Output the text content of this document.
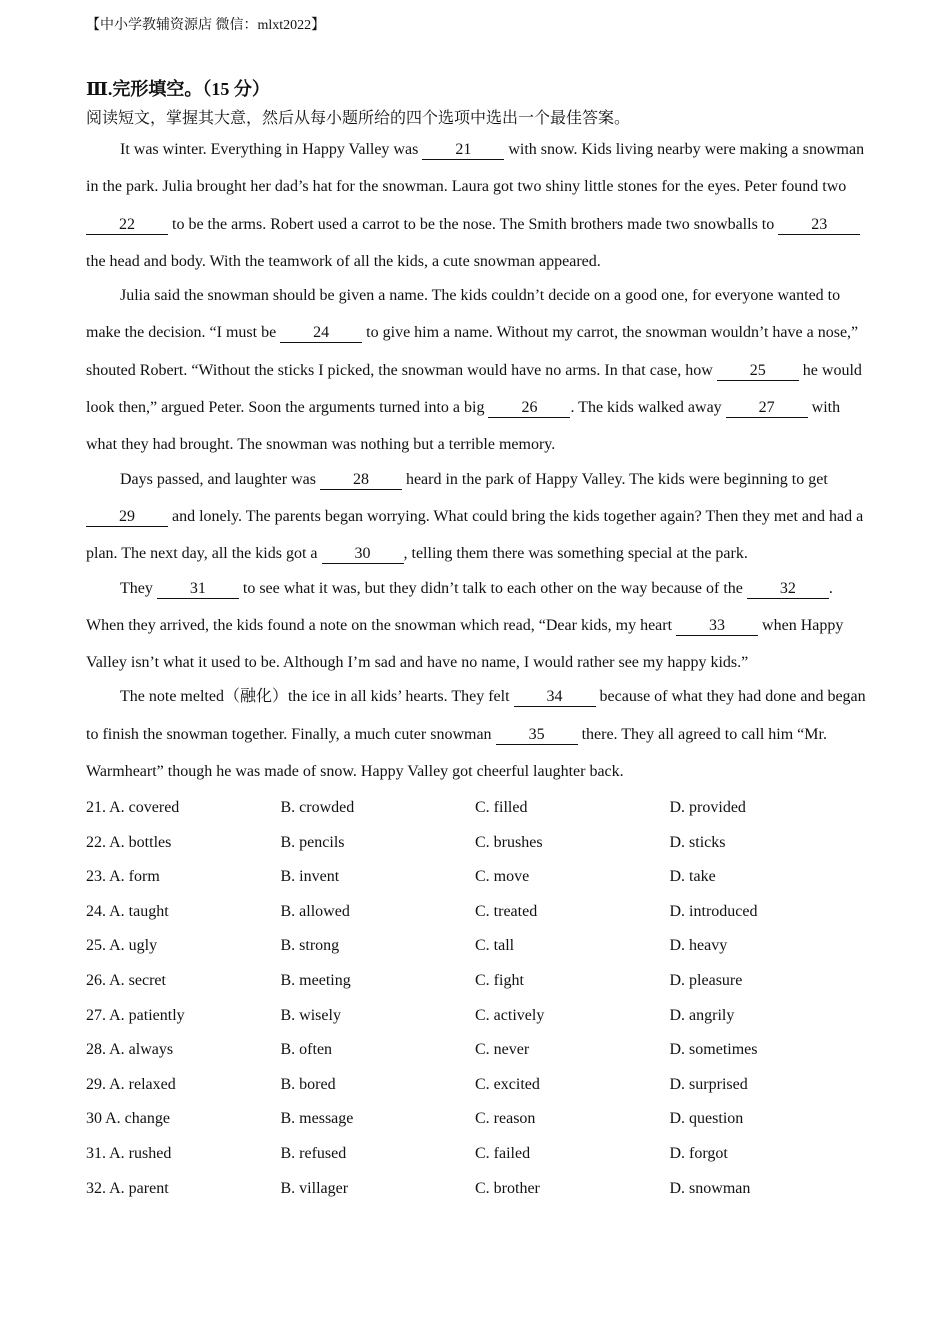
【中小学教辅资源店 微信：mlxt2022】
Ⅲ.完形填空。（15 分）
阅读短文，掌握其大意，然后从每小题所给的四个选项中选出一个最佳答案。

It was winter. Everything in Happy Valley was 21 with snow. Kids living nearby were making a snowman in the park. Julia brought her dad’s hat for the snowman. Laura got two shiny little stones for the eyes. Peter found two 22 to be the arms. Robert used a carrot to be the nose. The Smith brothers made two snowballs to 23 the head and body. With the teamwork of all the kids, a cute snowman appeared.

Julia said the snowman should be given a name. The kids couldn’t decide on a good one, for everyone wanted to make the decision. “I must be 24 to give him a name. Without my carrot, the snowman wouldn’t have a nose,” shouted Robert. “Without the sticks I picked, the snowman would have no arms. In that case, how 25 he would look then,” argued Peter. Soon the arguments turned into a big 26 . The kids walked away 27 with what they had brought. The snowman was nothing but a terrible memory.

Days passed, and laughter was 28 heard in the park of Happy Valley. The kids were beginning to get 29 and lonely. The parents began worrying. What could bring the kids together again? Then they met and had a plan. The next day, all the kids got a 30 , telling them there was something special at the park.

They 31 to see what it was, but they didn’t talk to each other on the way because of the 32 . When they arrived, the kids found a note on the snowman which read, “Dear kids, my heart 33 when Happy Valley isn’t what it used to be. Although I’m sad and have no name, I would rather see my happy kids.”

The note melted（融化）the ice in all kids’ hearts. They felt 34 because of what they had done and began to finish the snowman together. Finally, a much cuter snowman 35 there. They all agreed to call him “Mr. Warmheart” though he was made of snow. Happy Valley got cheerful laughter back.

21. A. covered	B. crowded	C. filled	D. provided
22. A. bottles	B. pencils	C. brushes	D. sticks
23. A. form	B. invent	C. move	D. take
24. A. taught	B. allowed	C. treated	D. introduced
25. A. ugly	B. strong	C. tall	D. heavy
26. A. secret	B. meeting	C. fight	D. pleasure
27. A. patiently	B. wisely	C. actively	D. angrily
28. A. always	B. often	C. never	D. sometimes
29. A. relaxed	B. bored	C. excited	D. surprised
30 A. change	B. message	C. reason	D. question
31. A. rushed	B. refused	C. failed	D. forgot
32. A. parent	B. villager	C. brother	D. snowman
